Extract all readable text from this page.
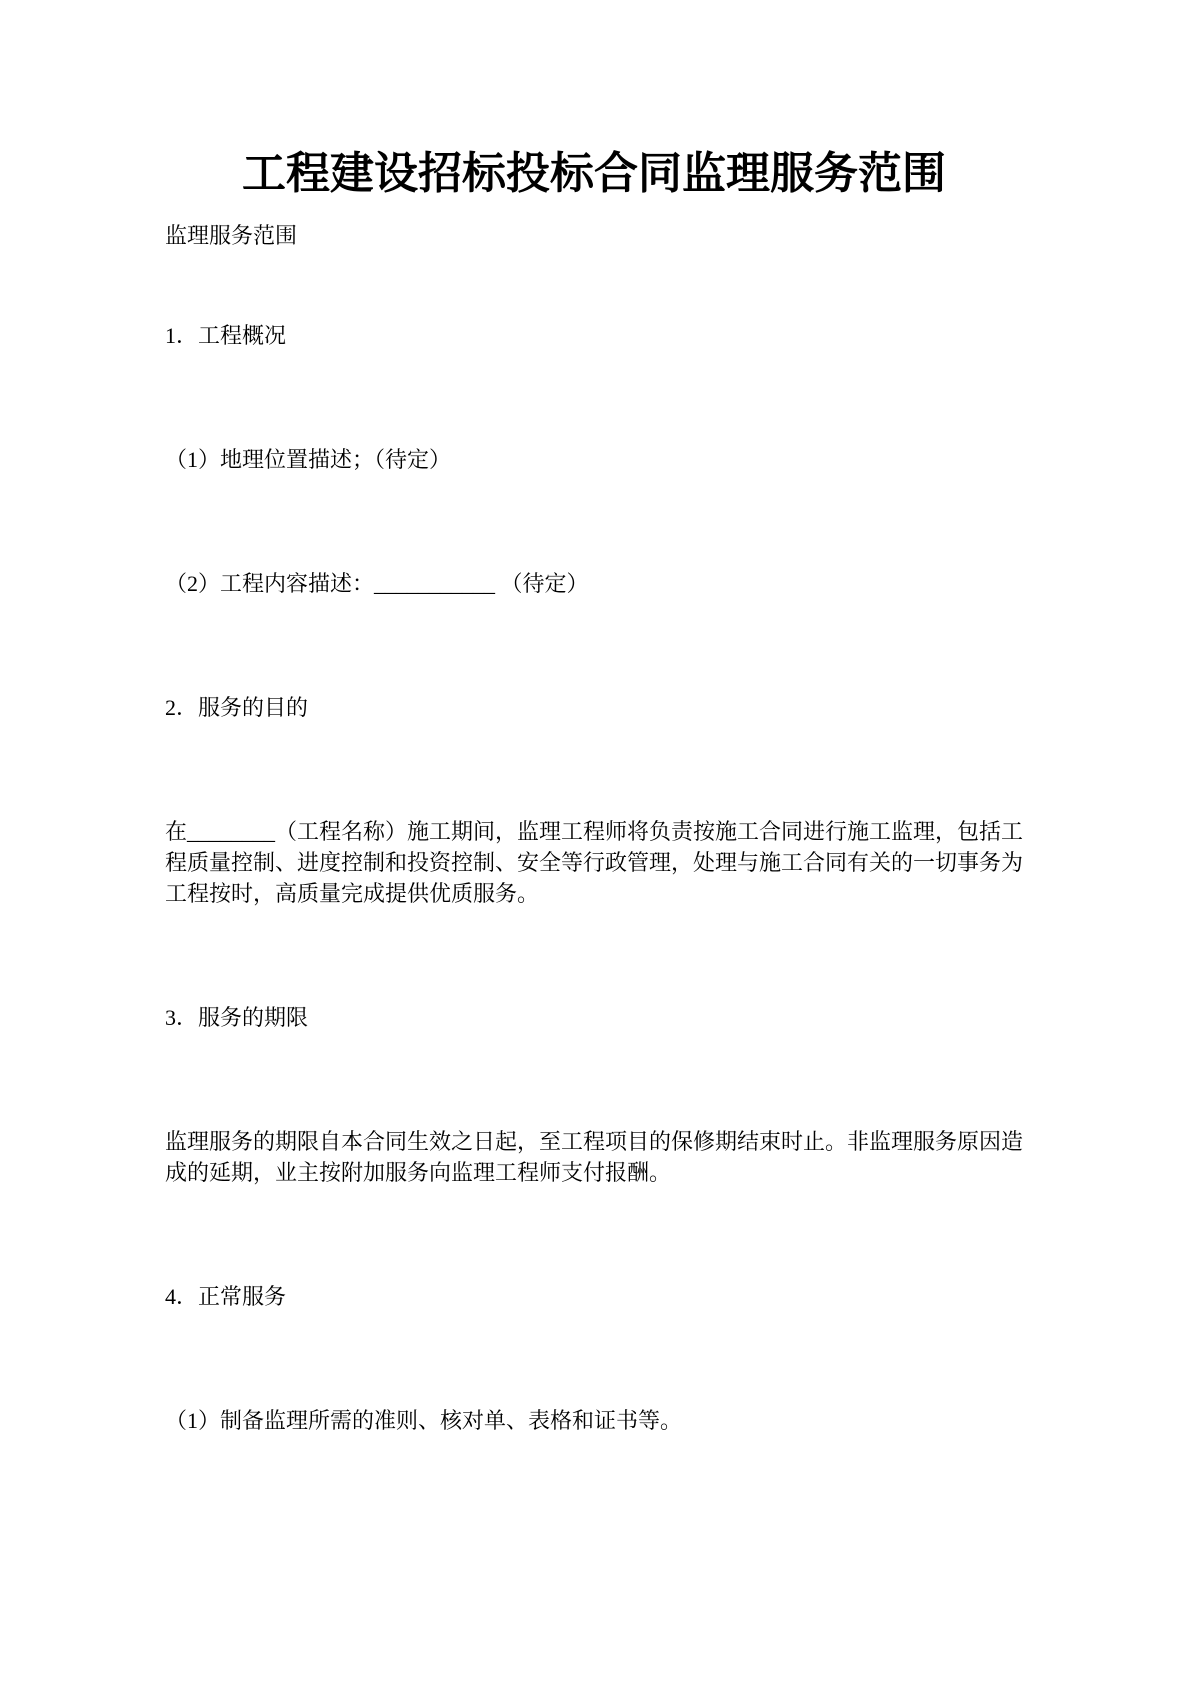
工程建设招标投标合同监理服务范围
监理服务范围
1．工程概况
（1）地理位置描述；（待定）
（2）工程内容描述：___________ （待定）
2．服务的目的
在________（工程名称）施工期间，监理工程师将负责按施工合同进行施工监理，包括工程质量控制、进度控制和投资控制、安全等行政管理，处理与施工合同有关的一切事务为工程按时，高质量完成提供优质服务。
3．服务的期限
监理服务的期限自本合同生效之日起，至工程项目的保修期结束时止。非监理服务原因造成的延期，业主按附加服务向监理工程师支付报酬。
4．正常服务
（1）制备监理所需的准则、核对单、表格和证书等。
